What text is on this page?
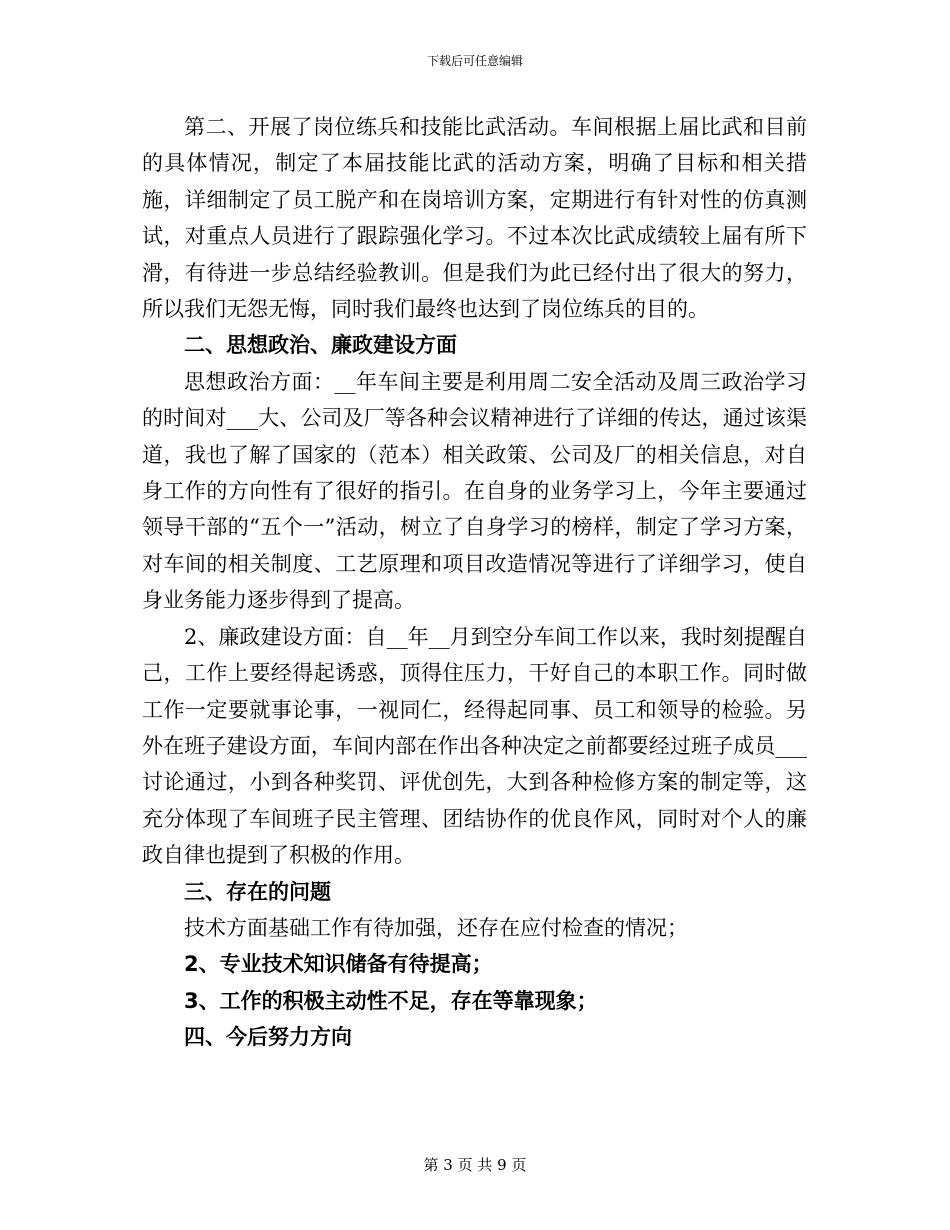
下载后可任意编辑

第二、开展了岗位练兵和技能比武活动。车间根据上届比武和目前的具体情况，制定了本届技能比武的活动方案，明确了目标和相关措施，详细制定了员工脱产和在岗培训方案，定期进行有针对性的仿真测试，对重点人员进行了跟踪强化学习。不过本次比武成绩较上届有所下滑，有待进一步总结经验教训。但是我们为此已经付出了很大的努力，所以我们无怨无悔，同时我们最终也达到了岗位练兵的目的。

二、思想政治、廉政建设方面

思想政治方面：__年车间主要是利用周二安全活动及周三政治学习的时间对___大、公司及厂等各种会议精神进行了详细的传达，通过该渠道，我也了解了国家的（范本）相关政策、公司及厂的相关信息，对自身工作的方向性有了很好的指引。在自身的业务学习上，今年主要通过领导干部的“五个一”活动，树立了自身学习的榜样，制定了学习方案，对车间的相关制度、工艺原理和项目改造情况等进行了详细学习，使自身业务能力逐步得到了提高。

2、廉政建设方面：自__年__月到空分车间工作以来，我时刻提醒自己，工作上要经得起诱惑，顶得住压力，干好自己的本职工作。同时做工作一定要就事论事，一视同仁，经得起同事、员工和领导的检验。另外在班子建设方面，车间内部在作出各种决定之前都要经过班子成员___讨论通过，小到各种奖罚、评优创先，大到各种检修方案的制定等，这充分体现了车间班子民主管理、团结协作的优良作风，同时对个人的廉政自律也提到了积极的作用。

三、存在的问题

技术方面基础工作有待加强，还存在应付检查的情况；

2、专业技术知识储备有待提高；

3、工作的积极主动性不足，存在等靠现象；

四、今后努力方向

第 3 页 共 9 页
